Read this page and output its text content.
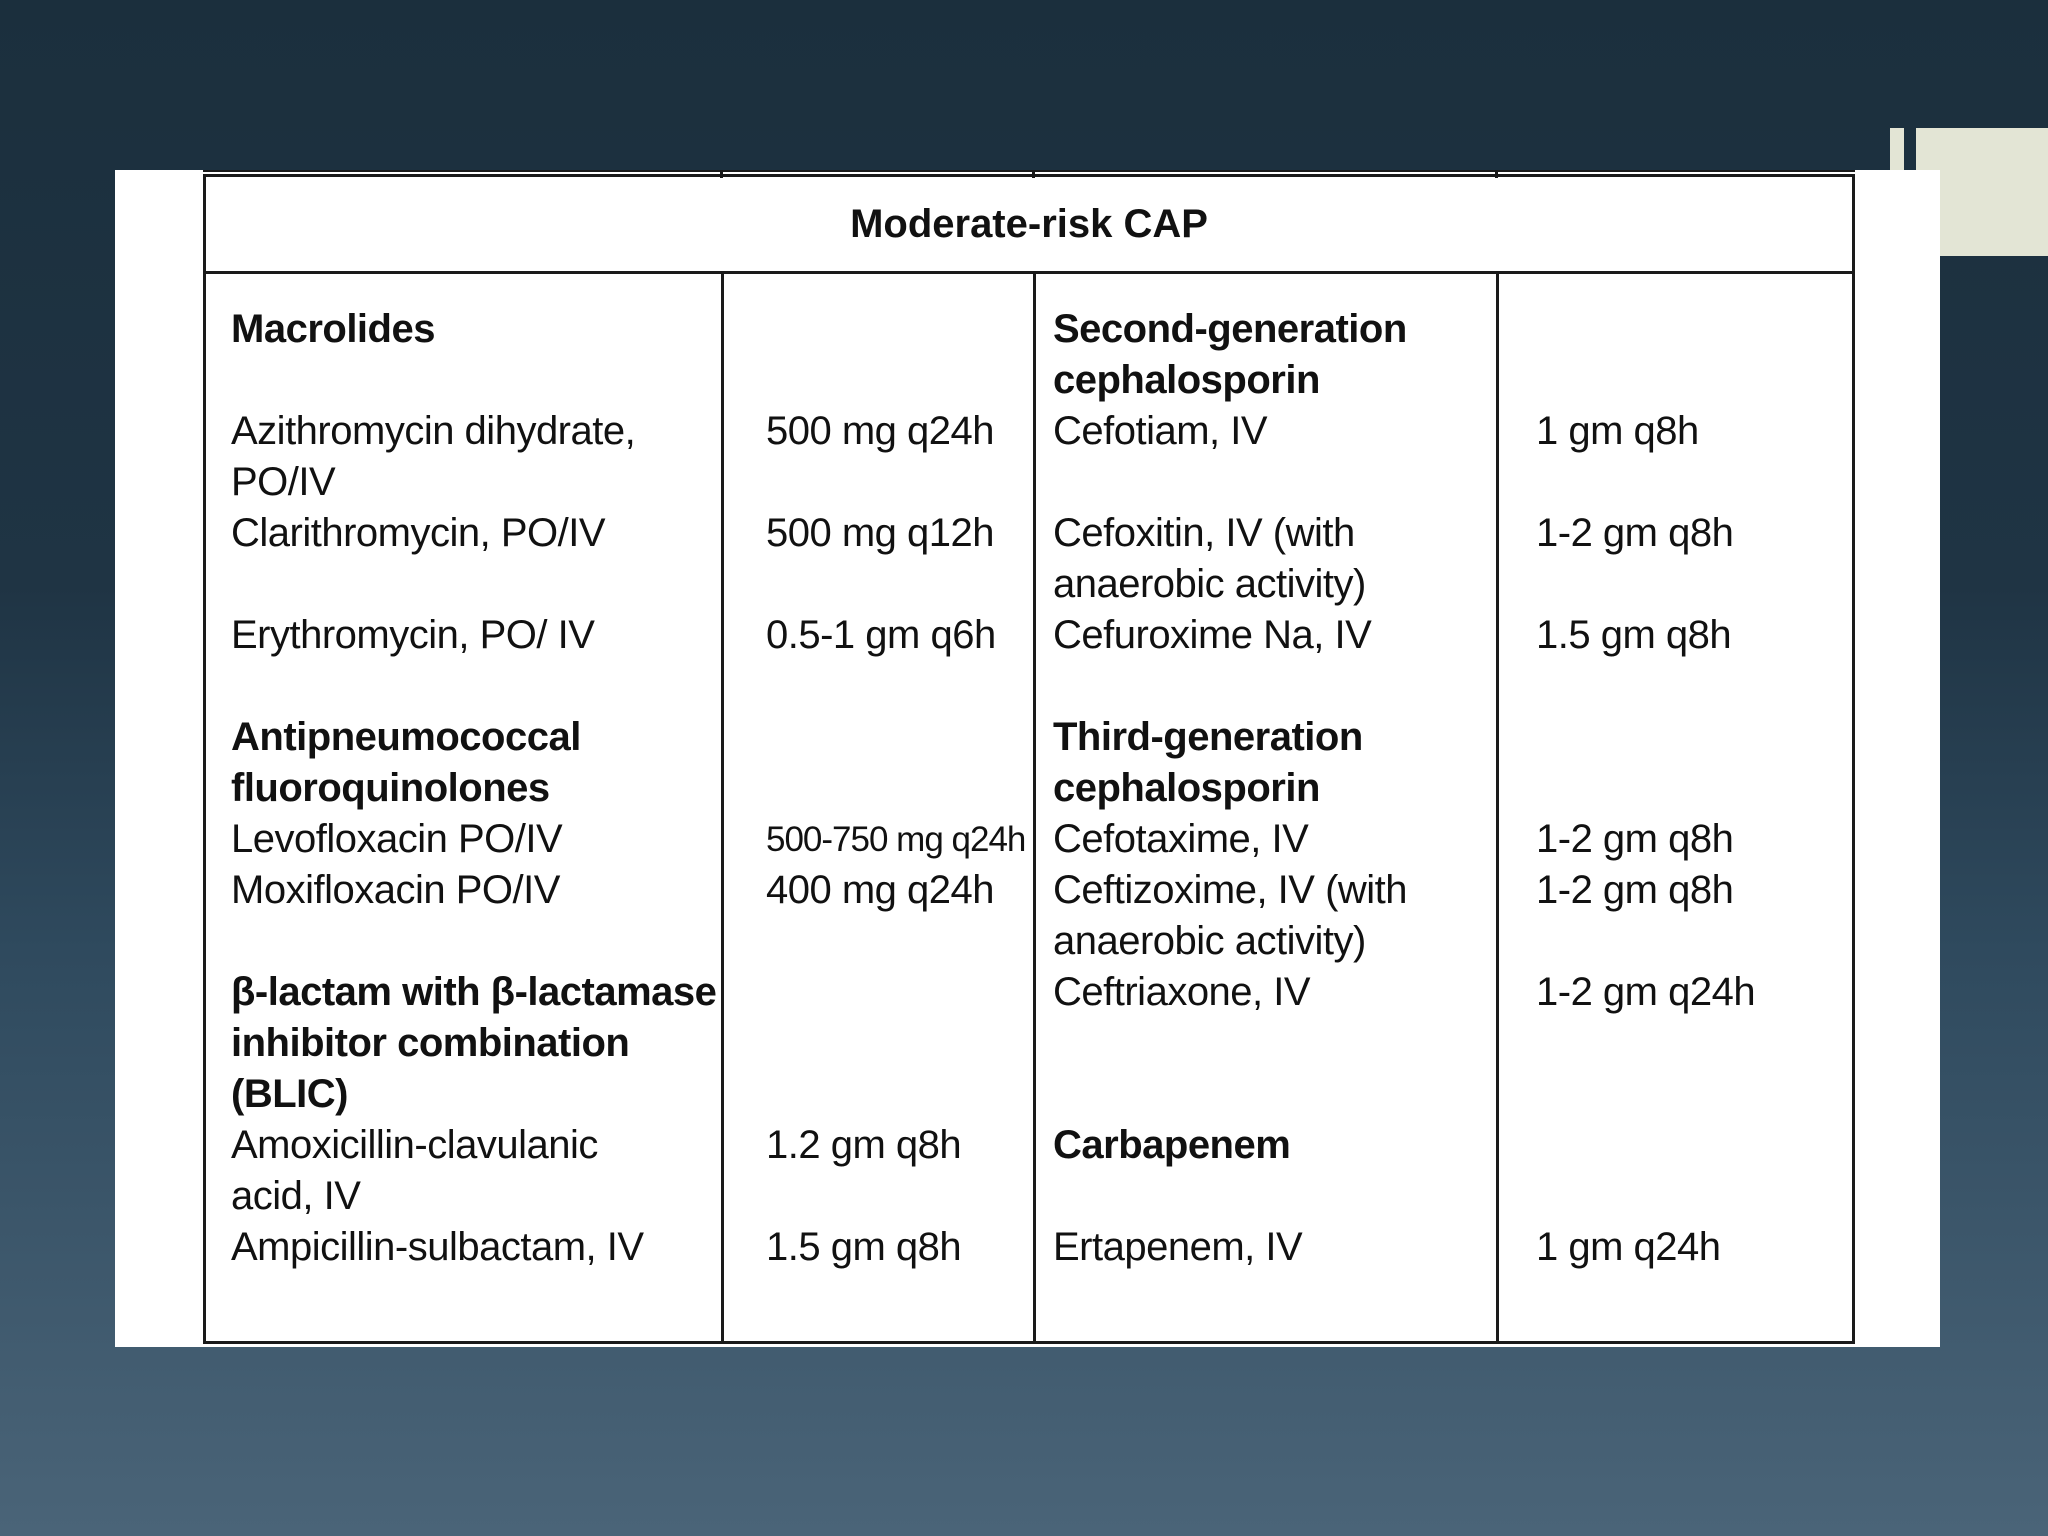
Moderate-risk CAP
Macrolides
Azithromycin dihydrate,
PO/IV
Clarithromycin, PO/IV
Erythromycin, PO/ IV
Antipneumococcal
fluoroquinolones
Levofloxacin PO/IV
Moxifloxacin PO/IV
β-lactam with β-lactamase
inhibitor combination
(BLIC)
Amoxicillin-clavulanic
acid, IV
Ampicillin-sulbactam, IV
500 mg q24h
500 mg q12h
0.5-1 gm q6h
500-750 mg q24h
400 mg q24h
1.2 gm q8h
1.5 gm q8h
Second-generation
cephalosporin
Cefotiam, IV
Cefoxitin, IV (with
anaerobic activity)
Cefuroxime Na, IV
Third-generation
cephalosporin
Cefotaxime, IV
Ceftizoxime, IV (with
anaerobic activity)
Ceftriaxone, IV
Carbapenem
Ertapenem, IV
1 gm q8h
1-2 gm q8h
1.5 gm q8h
1-2 gm q8h
1-2 gm q8h
1-2 gm q24h
1 gm q24h
